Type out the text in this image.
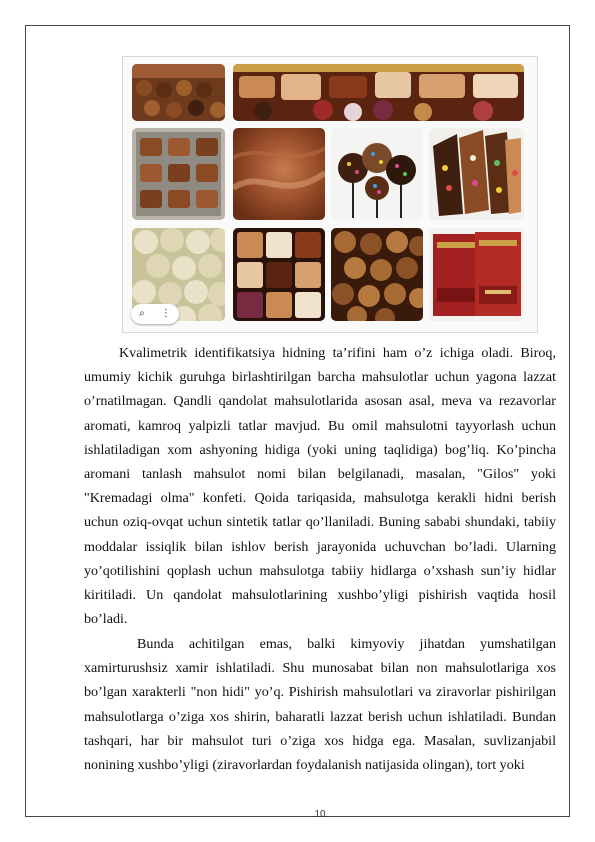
⌕ ⋮

Kvalimetrik identifikatsiya hidning ta’rifini ham o’z ichiga oladi. Biroq, umumiy kichik guruhga birlashtirilgan barcha mahsulotlar uchun yagona lazzat o’rnatilmagan. Qandli qandolat mahsulotlarida asosan asal, meva va rezavorlar aromati, kamroq yalpizli tatlar mavjud. Bu omil mahsulotni tayyorlash uchun ishlatiladigan xom ashyoning hidiga (yoki uning taqlidiga) bog’liq. Ko’pincha aromani tanlash mahsulot nomi bilan belgilanadi, masalan, "Gilos" yoki "Kremadagi olma" konfeti. Qoida tariqasida, mahsulotga kerakli hidni berish uchun oziq-ovqat uchun sintetik tatlar qo’llaniladi. Buning sababi shundaki, tabiiy moddalar issiqlik bilan ishlov berish jarayonida uchuvchan bo’ladi. Ularning yo’qotilishini qoplash uchun mahsulotga tabiiy hidlarga o’xshash sun’iy hidlar kiritiladi. Un qandolat mahsulotlarining xushbo’yligi pishirish vaqtida hosil bo’ladi.

Bunda achitilgan emas, balki kimyoviy jihatdan yumshatilgan xamirturushsiz xamir ishlatiladi. Shu munosabat bilan non mahsulotlariga xos bo’lgan xarakterli "non hidi" yo’q. Pishirish mahsulotlari va ziravorlar pishirilgan mahsulotlarga o’ziga xos shirin, baharatli lazzat berish uchun ishlatiladi. Bundan tashqari, har bir mahsulot turi o’ziga xos hidga ega. Masalan, suvlizanjabil nonining xushbo’yligi (ziravorlardan foydalanish natijasida olingan), tort yoki

10
